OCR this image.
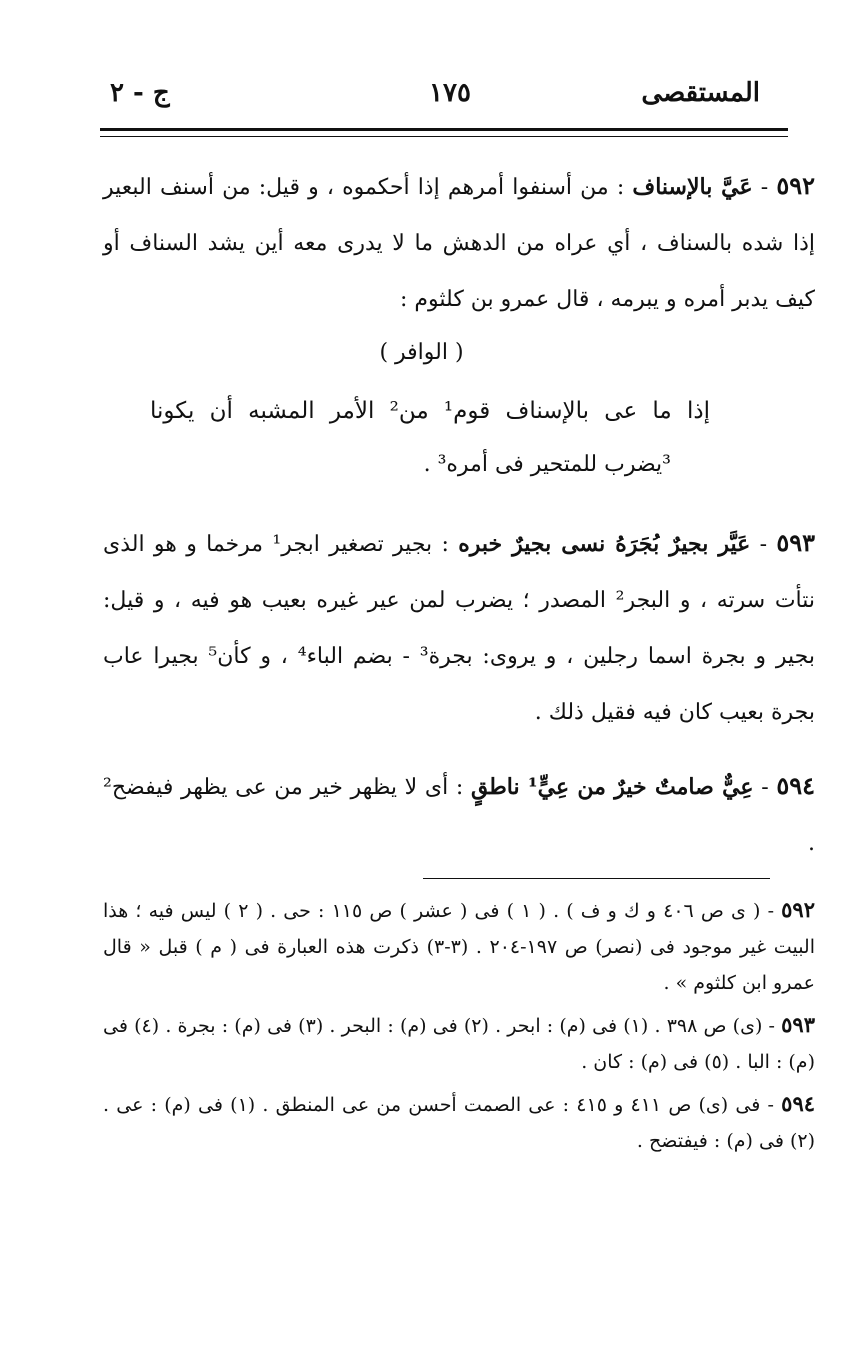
المستقصى
١٧٥
ج - ٢
٥٩٢ - عَيَّ بالإسناف : من أسنفوا أمرهم إذا أحكموه ، و قيل: من أسنف البعير إذا شده بالسناف ، أي عراه من الدهش ما لا يدرى معه أين يشد السناف أو كيف يدبر أمره و يبرمه ، قال عمرو بن كلثوم :
( الوافر )
إذا ما عى بالإسناف قوم¹ من² الأمر المشبه أن يكونا
³يضرب للمتحير فى أمره³ .
٥٩٣ - عَيَّر بجيرٌ بُجَرَهُ نسى بجيرٌ خبره : بجير تصغير ابجر¹ مرخما و هو الذى نتأت سرته ، و البجر² المصدر ؛ يضرب لمن عير غيره بعيب هو فيه ، و قيل: بجير و بجرة اسما رجلين ، و يروى: بجرة³ - بضم الباء⁴ ، و كأن⁵ بجيرا عاب بجرة بعيب كان فيه فقيل ذلك .
٥٩٤ - عِيٌّ صامتٌ خيرٌ من عِيٍّ¹ ناطقٍ : أى لا يظهر خير من عى يظهر فيفضح² .

٥٩٢ - ( ى ص ٤٠٦ و ك و ف ) . ( ١ ) فى ( عشر ) ص ١١٥ : حى . ( ٢ ) ليس فيه ؛ هذا البيت غير موجود فى (نصر) ص ١٩٧-٢٠٤ . (٣-٣) ذكرت هذه العبارة فى ( م ) قبل « قال عمرو ابن كلثوم » .

٥٩٣ - (ى) ص ٣٩٨ . (١) فى (م) : ابحر . (٢) فى (م) : البحر . (٣) فى (م) : بجرة . (٤) فى (م) : البا . (٥) فى (م) : كان .

٥٩٤ - فى (ى) ص ٤١١ و ٤١٥ : عى الصمت أحسن من عى المنطق . (١) فى (م) : عى . (٢) فى (م) : فيفتضح .
